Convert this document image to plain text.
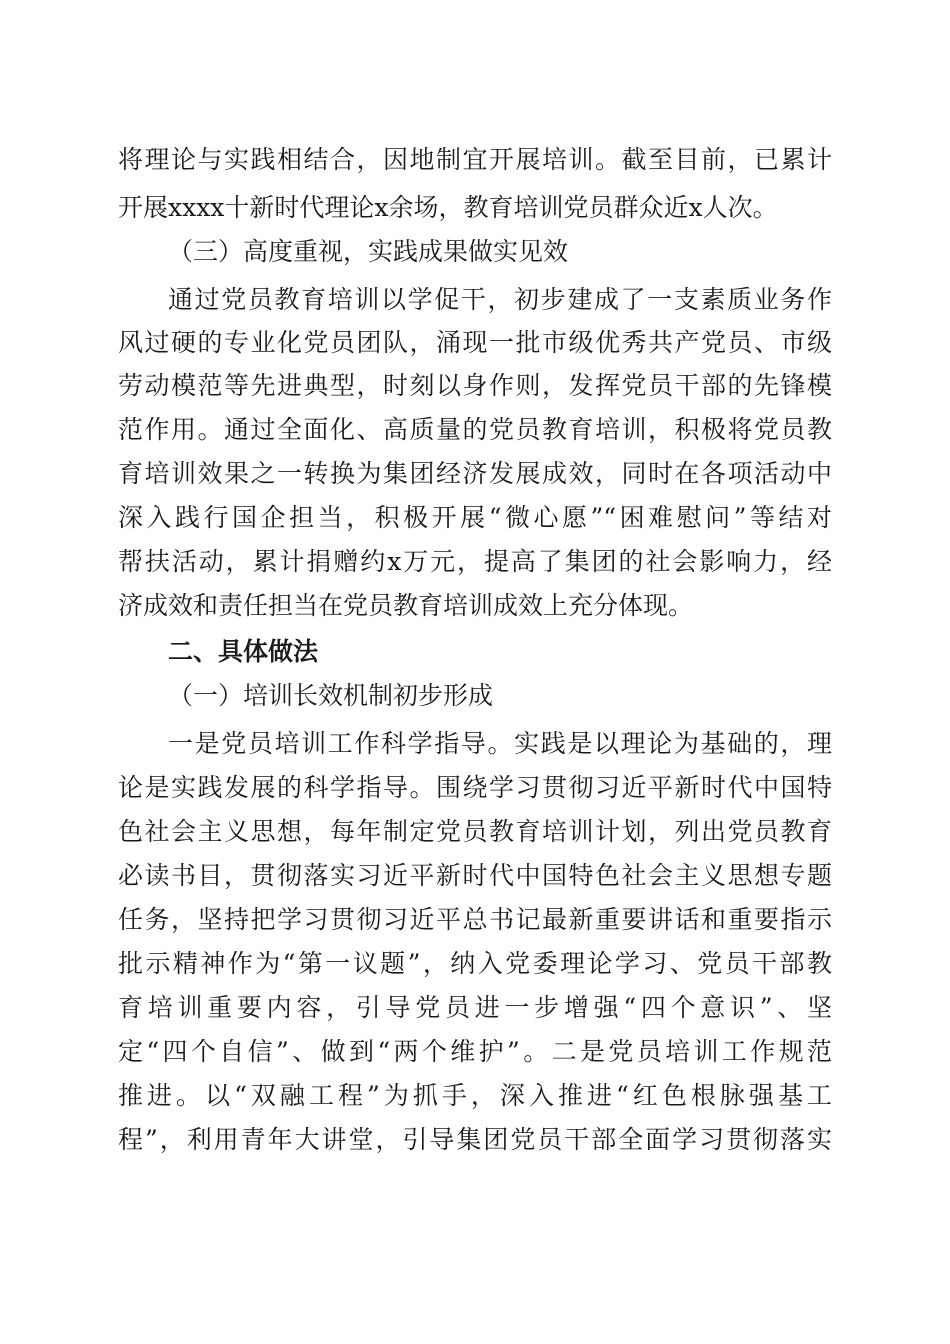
将理论与实践相结合，因地制宜开展培训。截至目前，已累计
开展xxxx十新时代理论x余场，教育培训党员群众近x人次。
（三）高度重视，实践成果做实见效
通过党员教育培训以学促干，初步建成了一支素质业务作
风过硬的专业化党员团队，涌现一批市级优秀共产党员、市级
劳动模范等先进典型，时刻以身作则，发挥党员干部的先锋模
范作用。通过全面化、高质量的党员教育培训，积极将党员教
育培训效果之一转换为集团经济发展成效，同时在各项活动中
深入践行国企担当，积极开展“微心愿”“困难慰问”等结对
帮扶活动，累计捐赠约x万元，提高了集团的社会影响力，经
济成效和责任担当在党员教育培训成效上充分体现。
二、具体做法
（一）培训长效机制初步形成
一是党员培训工作科学指导。实践是以理论为基础的，理
论是实践发展的科学指导。围绕学习贯彻习近平新时代中国特
色社会主义思想，每年制定党员教育培训计划，列出党员教育
必读书目，贯彻落实习近平新时代中国特色社会主义思想专题
任务，坚持把学习贯彻习近平总书记最新重要讲话和重要指示
批示精神作为“第一议题”，纳入党委理论学习、党员干部教
育培训重要内容，引导党员进一步增强“四个意识”、坚
定“四个自信”、做到“两个维护”。二是党员培训工作规范
推进。以“双融工程”为抓手，深入推进“红色根脉强基工
程”，利用青年大讲堂，引导集团党员干部全面学习贯彻落实
